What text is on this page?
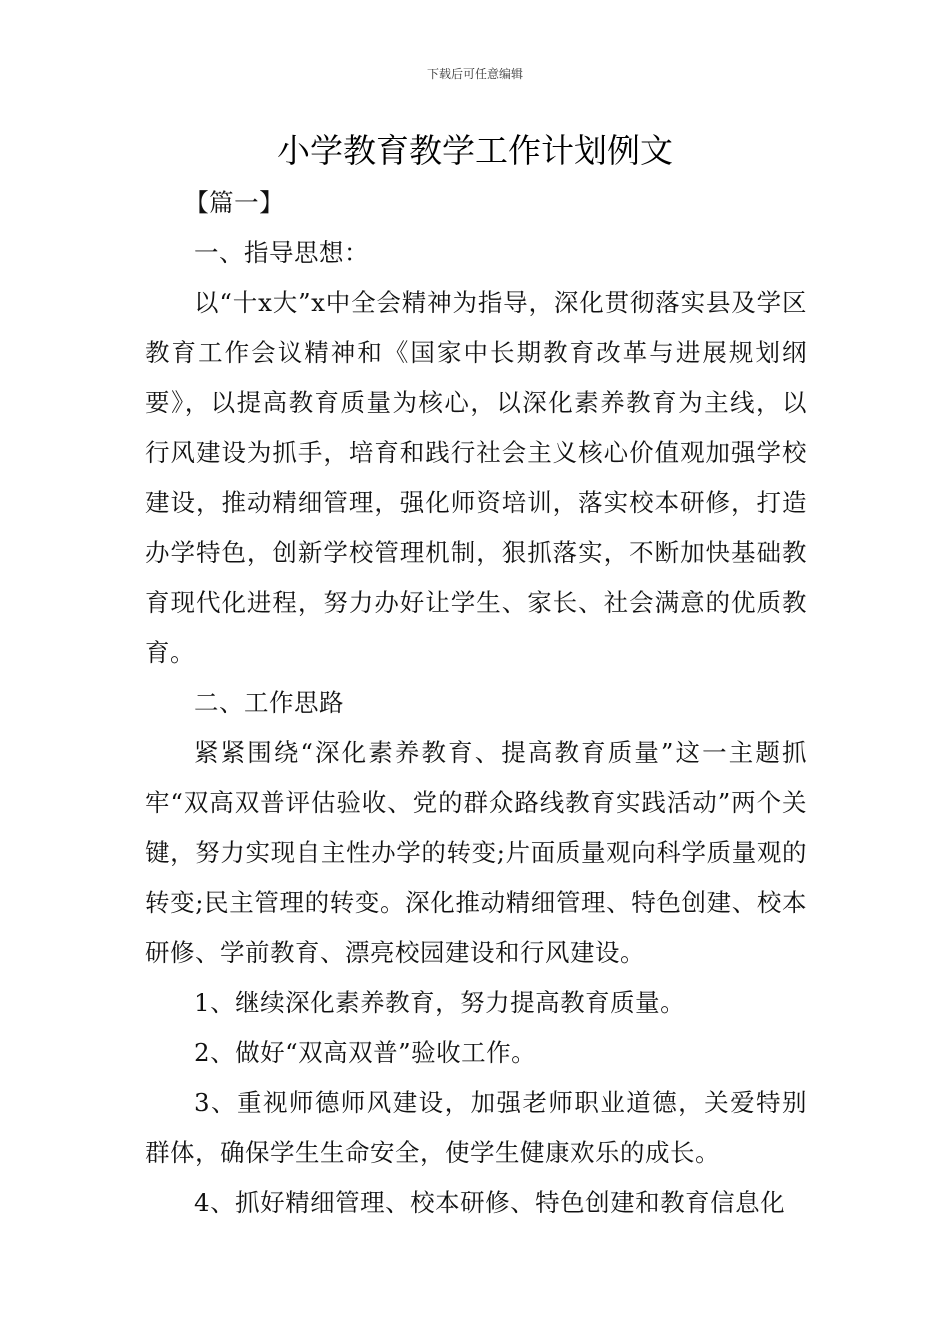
下载后可任意编辑
小学教育教学工作计划例文

【篇一】

一、指导思想：

以“十x大”x中全会精神为指导，深化贯彻落实县及学区教育工作会议精神和《国家中长期教育改革与进展规划纲要》，以提高教育质量为核心，以深化素养教育为主线，以行风建设为抓手，培育和践行社会主义核心价值观加强学校建设，推动精细管理，强化师资培训，落实校本研修，打造办学特色，创新学校管理机制，狠抓落实，不断加快基础教育现代化进程，努力办好让学生、家长、社会满意的优质教育。

二、工作思路

紧紧围绕“深化素养教育、提高教育质量”这一主题抓牢“双高双普评估验收、党的群众路线教育实践活动”两个关键，努力实现自主性办学的转变;片面质量观向科学质量观的转变;民主管理的转变。深化推动精细管理、特色创建、校本研修、学前教育、漂亮校园建设和行风建设。

1、继续深化素养教育，努力提高教育质量。

2、做好“双高双普”验收工作。

3、重视师德师风建设，加强老师职业道德，关爱特别群体，确保学生生命安全，使学生健康欢乐的成长。

4、抓好精细管理、校本研修、特色创建和教育信息化
